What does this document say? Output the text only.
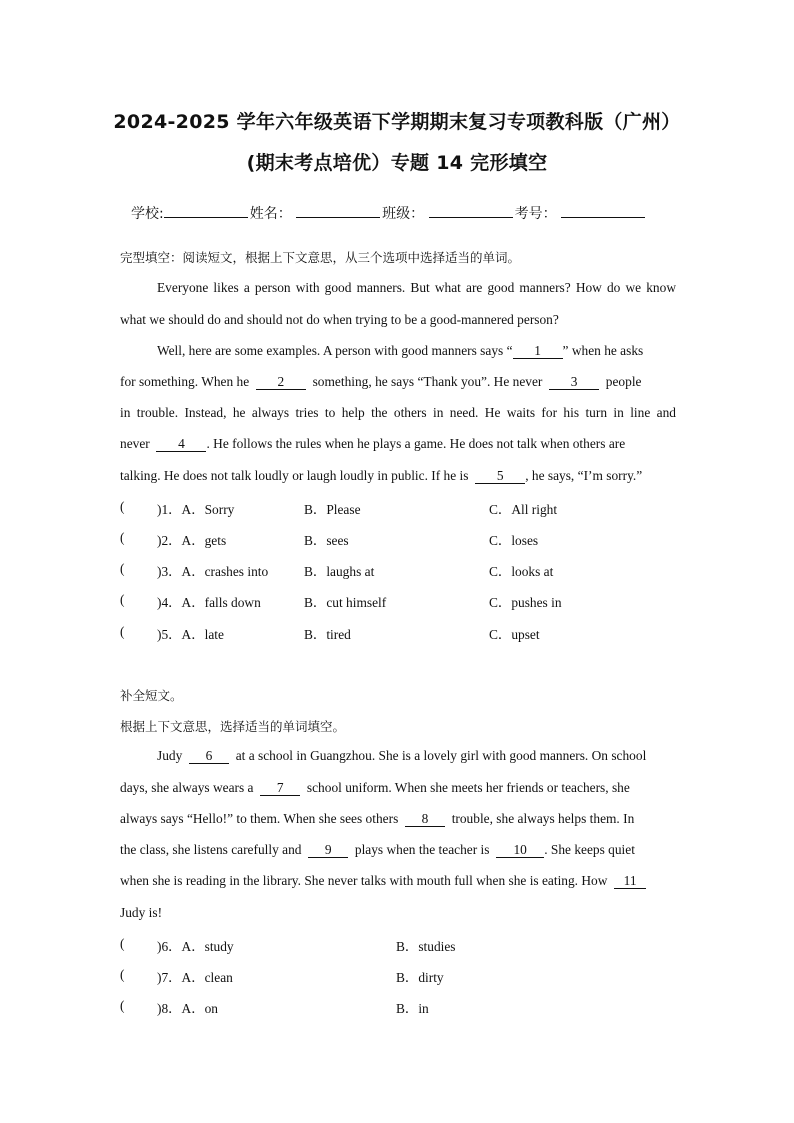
2024-2025 学年六年级英语下学期期末复习专项教科版（广州）
(期末考点培优）专题 14 完形填空
学校:	姓名：	班级：	考号：
完型填空：阅读短文，根据上下文意思，从三个选项中选择适当的单词。
Everyone likes a person with good manners. But what are good manners? How do we know
what we should do and should not do when trying to be a good-mannered person?
Well, here are some examples. A person with good manners says “ 1 ” when he asks
for something. When he 2 something, he says “Thank you”. He never 3 people
in trouble. Instead, he always tries to help the others in need. He waits for his turn in line and
never 4 . He follows the rules when he plays a game. He does not talk when others are
talking. He does not talk loudly or laugh loudly in public. If he is 5 , he says, “I’m sorry.”
( )1．A．Sorry	B．Please	C．All right
( )2．A．gets	B．sees	C．loses
( )3．A．crashes into	B．laughs at	C．looks at
( )4．A．falls down	B．cut himself	C．pushes in
( )5．A．late	B．tired	C．upset
补全短文。
根据上下文意思，选择适当的单词填空。
Judy 6 at a school in Guangzhou. She is a lovely girl with good manners. On school
days, she always wears a 7 school uniform. When she meets her friends or teachers, she
always says “Hello!” to them. When she sees others 8 trouble, she always helps them. In
the class, she listens carefully and 9 plays when the teacher is 10 . She keeps quiet
when she is reading in the library. She never talks with mouth full when she is eating. How 11
Judy is!
( )6．A．study	B．studies
( )7．A．clean	B．dirty
( )8．A．on	B．in
